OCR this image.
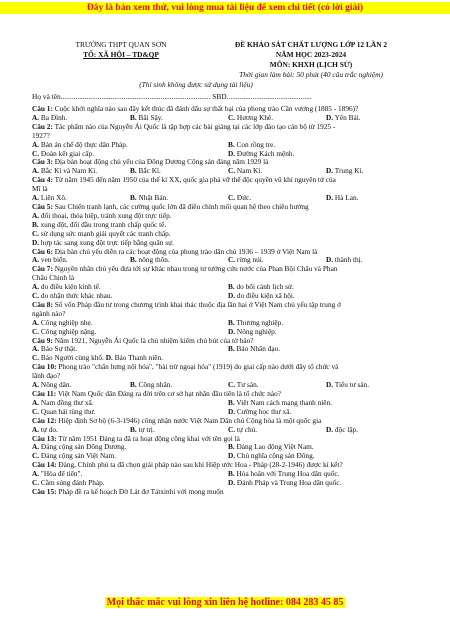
Đây là bản xem thử, vui lòng mua tài liệu để xem chi tiết (có lời giải)
TRƯỜNG THPT QUAN SƠN	ĐỀ KHẢO SÁT CHẤT LƯỢNG LỚP 12 LẦN 2
TỔ: XÃ HỘI – TD&QP	NĂM HỌC 2023-2024
MÔN: KHXH (LỊCH SỬ)
Thời gian làm bài: 50 phút (40 câu trắc nghiệm)
(Thí sinh không được sử dụng tài liệu)
Họ và tên................................................................................. SBD..............................................
Câu 1: Cuộc khởi nghĩa nào sau đây kết thúc đã đánh dấu sự thất bại của phong trào Cần vương (1885 - 1896)?
A. Ba Đình.	B. Bãi Sậy.	C. Hương Khê.	D. Yên Bái.
Câu 2: Tác phẩm nào của Nguyễn Ái Quốc là tập hợp các bài giảng tại các lớp đào tạo cán bộ từ 1925 -
1927?
A. Bản án chế độ thực dân Pháp.	B. Con rồng tre.
C. Đoàn kết giai cấp.	D. Đường Kách mệnh.
Câu 3: Địa bàn hoạt động chủ yếu của Đông Dương Cộng sản đảng năm 1929 là
A. Bắc Kì và Nam Kì.	B. Bắc Kì.	C. Nam Kì.	D. Trung Kì.
Câu 4: Từ năm 1945 đến năm 1950 của thế kỉ XX, quốc gia phá vỡ thế độc quyền vũ khí nguyên tử của
Mĩ là
A. Liên Xô.	B. Nhật Bản.	C. Đức.	D. Hà Lan.
Câu 5: Sau Chiến tranh lạnh, các cường quốc lớn đã điều chỉnh mối quan hệ theo chiều hướng
A. đối thoại, thỏa hiệp, tránh xung đột trực tiếp.
B. xung đột, đối đầu trong tranh chấp quốc tế.
C. sử dụng sức mạnh giải quyết các tranh chấp.
D. hợp tác sang xung đột trực tiếp bằng quân sự.
Câu 6: Địa bàn chủ yếu diễn ra các hoạt động của phong trào dân chủ 1936 – 1939 ở Việt Nam là
A. ven biển.	B. nông thôn.	C. rừng núi.	D. thành thị.
Câu 7: Nguyên nhân chủ yếu đưa tới sự khác nhau trong tư tưởng cứu nước của Phan Bội Châu và Phan
Châu Chinh là
A. do điều kiện kinh tế.	B. do bối cảnh lịch sử.
C. do nhận thức khác nhau.	D. do điều kiện xã hội.
Câu 8: Số vốn Pháp đầu tư trong chương trình khai thác thuộc địa lần hai ở Việt Nam chủ yếu tập trung ở
ngành nào?
A. Công nghiệp nhẹ.	B. Thương nghiệp.
C. Công nghiệp nặng.	D. Nông nghiệp.
Câu 9: Năm 1921, Nguyễn Ái Quốc là chủ nhiệm kiêm chủ bút của tờ báo?
A. Báo Sự thật.	B. Báo Nhân đạo.
C. Báo Người cùng khổ. D. Báo Thanh niên.
Câu 10: Phong trào "chấn hưng nội hóa", "bài trừ ngoại hóa" (1919) do giai cấp nào dưới đây tổ chức và
lãnh đạo?
A. Nông dân.	B. Công nhân.	C. Tư sản.	D. Tiểu tư sản.
Câu 11: Việt Nam Quốc dân Đảng ra đời trên cơ sở hạt nhân đầu tiên là tổ chức nào?
A. Nam đồng thư xã.	B. Việt Nam cách mạng thanh niên.
C. Quan hải tùng thư.	D. Cường học thư xã.
Câu 12: Hiệp định Sơ bộ (6-3-1946) công nhận nước Việt Nam Dân chủ Cộng hòa là một quốc gia
A. tự do.	B. tự trị.	C. tự chủ.	D. độc lập.
Câu 13: Từ năm 1951 Đảng ta đã ra hoạt động công khai với tên gọi là
A. Đảng cộng sản Đông Dương.	B. Đảng Lao động Việt Nam.
C. Đảng cộng sản Việt Nam.	D. Chủ nghĩa cộng sản Đông.
Câu 14: Đảng, Chính phủ ta đã chọn giải pháp nào sau khi Hiệp ước Hoa - Pháp (28-2-1946) được kí kết?
A. "Hòa để tiến".	B. Hòa hoãn với Trung Hoa dân quốc.
C. Cầm súng đánh Pháp.	D. Đánh Pháp và Trung Hoa dân quốc.
Câu 15: Pháp đề ra kế hoạch Đờ Lát đơ Tátxinhi với mong muốn
Mọi thắc mắc vui lòng xin liên hệ hotline: 084 283 45 85
